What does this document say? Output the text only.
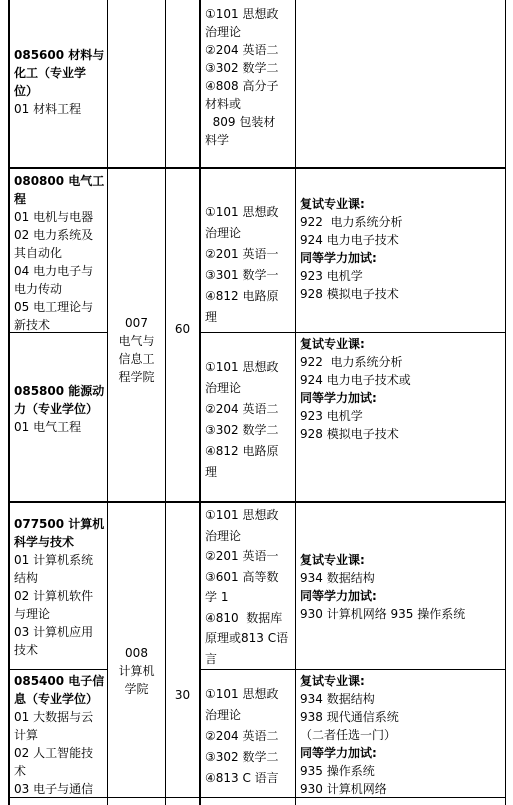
085600 材料与
化工（专业学
位）
01 材料工程
①101 思想政
治理论
②204 英语二
③302 数学二
④808 高分子
材料或
809 包装材
料学
080800 电气工
程
01 电机与电器
02 电力系统及
其自动化
04 电力电子与
电力传动
05 电工理论与
新技术
①101 思想政
治理论
②201 英语一
③301 数学一
④812 电路原
理
复试专业课:
922  电力系统分析
924 电力电子技术
同等学力加试:
923 电机学
928 模拟电子技术
007
电气与
信息工
程学院
60
085800 能源动
力（专业学位）
01 电气工程
①101 思想政
治理论
②204 英语二
③302 数学二
④812 电路原
理
复试专业课:
922  电力系统分析
924 电力电子技术或
同等学力加试:
923 电机学
928 模拟电子技术
077500 计算机
科学与技术
01 计算机系统
结构
02 计算机软件
与理论
03 计算机应用
技术
①101 思想政
治理论
②201 英语一
③601 高等数
学 1
④810  数据库
原理或813 C语
言
复试专业课:
934 数据结构
同等学力加试:
930 计算机网络 935 操作系统
008
计算机
学院	30
085400 电子信
息（专业学位）
01 大数据与云
计算
02 人工智能技
术
03 电子与通信
①101 思想政
治理论
②204 英语二
③302 数学二
④813 C 语言
复试专业课:
934 数据结构
938 现代通信系统
（二者任选一门）
同等学力加试:
935 操作系统
930 计算机网络
